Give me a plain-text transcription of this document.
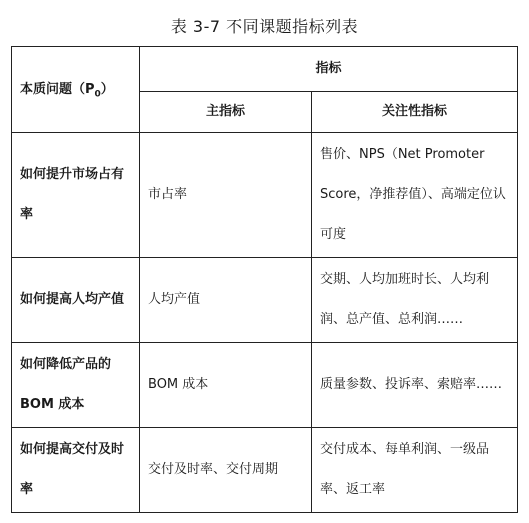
表 3-7 不同课题指标列表
本质问题$(P_0)$	指标	
	主指标	关注性指标
如何提升市场占有率	市占率	售价、NPS（Net Promoter Score，净推荐值）、高端定位认可度
如何提高人均产值	人均产值	交期、人均加班时长、人均利润、总产值、总利润……
如何降低产品的BOM 成本	BOM 成本	质量参数、投诉率、索赔率……
如何提高交付及时率	交付及时率、交付周期	交付成本、每单利润、一级品率、返工率
